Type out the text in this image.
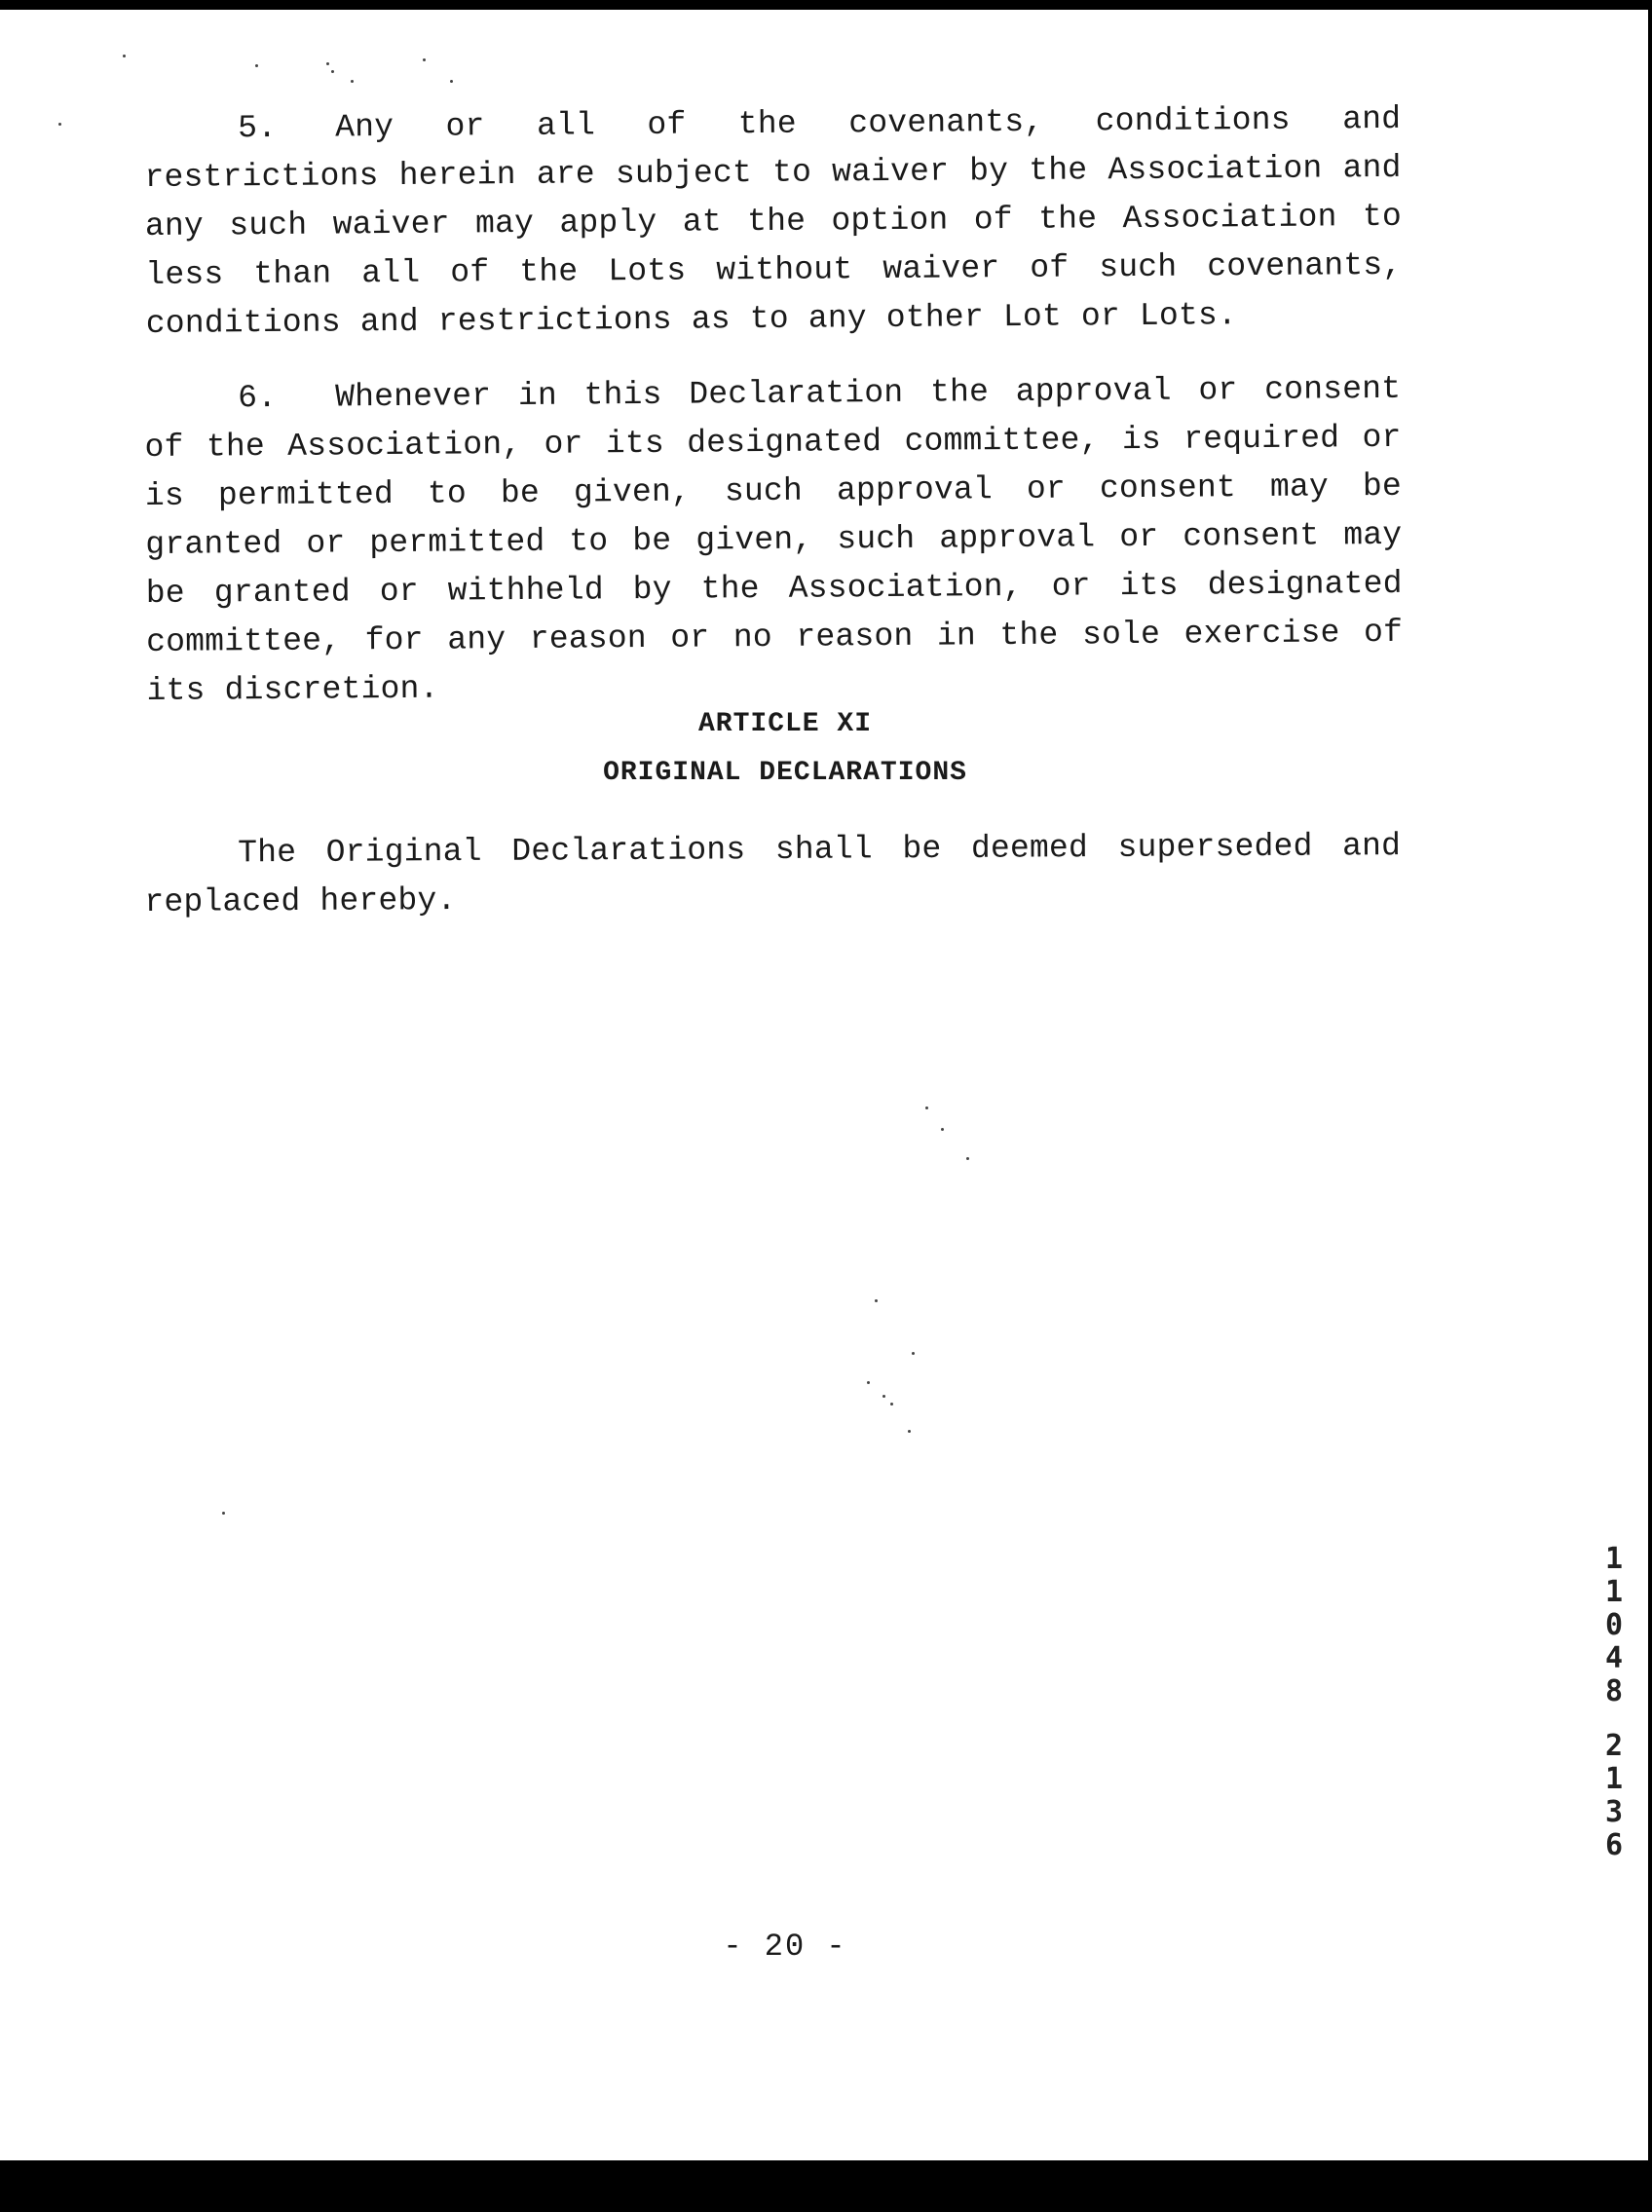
5. Any or all of the covenants, conditions and restrictions herein are subject to waiver by the Association and any such waiver may apply at the option of the Association to less than all of the Lots without waiver of such covenants, conditions and restrictions as to any other Lot or Lots.

6. Whenever in this Declaration the approval or consent of the Association, or its designated committee, is required or is permitted to be given, such approval or consent may be granted or permitted to be given, such approval or consent may be granted or withheld by the Association, or its designated committee, for any reason or no reason in the sole exercise of its discretion.

ARTICLE XI
ORIGINAL DECLARATIONS

The Original Declarations shall be deemed superseded and replaced hereby.

- 20 -
1
1
0
4
8
2
1
3
6
